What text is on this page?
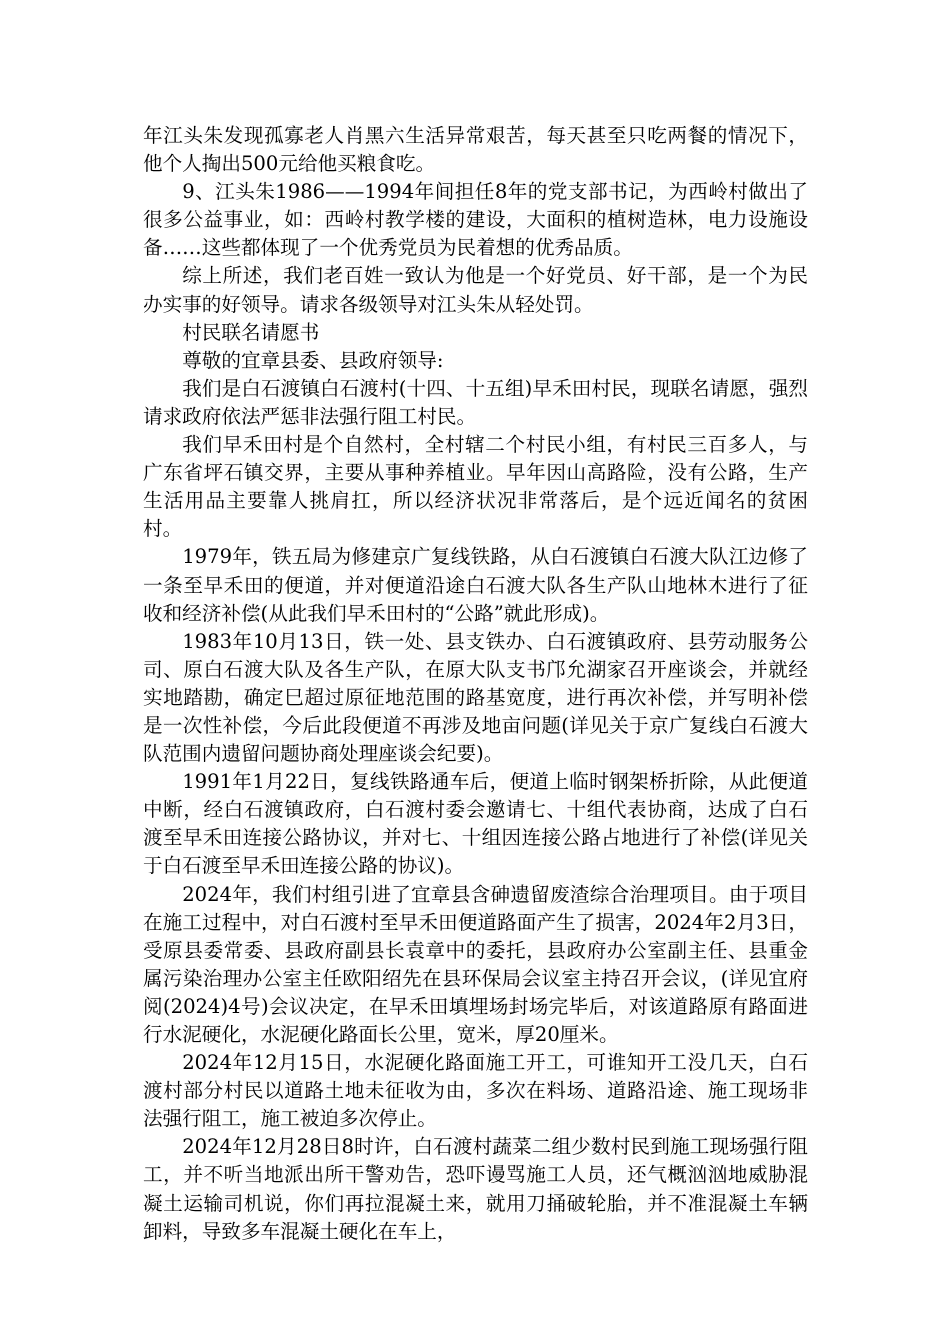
年江头朱发现孤寡老人肖黑六生活异常艰苦，每天甚至只吃两餐的情况下，他个人掏出500元给他买粮食吃。

9、江头朱1986——1994年间担任8年的党支部书记，为西岭村做出了很多公益事业，如：西岭村教学楼的建设，大面积的植树造林，电力设施设备……这些都体现了一个优秀党员为民着想的优秀品质。

综上所述，我们老百姓一致认为他是一个好党员、好干部，是一个为民办实事的好领导。请求各级领导对江头朱从轻处罚。

村民联名请愿书

尊敬的宜章县委、县政府领导:

我们是白石渡镇白石渡村(十四、十五组)早禾田村民，现联名请愿，强烈请求政府依法严惩非法强行阻工村民。

我们早禾田村是个自然村，全村辖二个村民小组，有村民三百多人，与广东省坪石镇交界，主要从事种养植业。早年因山高路险，没有公路，生产生活用品主要靠人挑肩扛，所以经济状况非常落后，是个远近闻名的贫困村。

1979年，铁五局为修建京广复线铁路，从白石渡镇白石渡大队江边修了一条至早禾田的便道，并对便道沿途白石渡大队各生产队山地林木进行了征收和经济补偿(从此我们早禾田村的“公路”就此形成)。

1983年10月13日，铁一处、县支铁办、白石渡镇政府、县劳动服务公司、原白石渡大队及各生产队，在原大队支书邝允湖家召开座谈会，并就经实地踏勘，确定巳超过原征地范围的路基宽度，进行再次补偿，并写明补偿是一次性补偿，今后此段便道不再涉及地亩问题(详见关于京广复线白石渡大队范围内遗留问题协商处理座谈会纪要)。

1991年1月22日，复线铁路通车后，便道上临时钢架桥折除，从此便道中断，经白石渡镇政府，白石渡村委会邀请七、十组代表协商，达成了白石渡至早禾田连接公路协议，并对七、十组因连接公路占地进行了补偿(详见关于白石渡至早禾田连接公路的协议)。

2024年，我们村组引进了宜章县含砷遗留废渣综合治理项目。由于项目在施工过程中，对白石渡村至早禾田便道路面产生了损害，2024年2月3日，受原县委常委、县政府副县长袁章中的委托，县政府办公室副主任、县重金属污染治理办公室主任欧阳绍先在县环保局会议室主持召开会议，(详见宜府阅(2024)4号)会议决定，在早禾田填埋场封场完毕后，对该道路原有路面进行水泥硬化，水泥硬化路面长公里，宽米，厚20厘米。

2024年12月15日，水泥硬化路面施工开工，可谁知开工没几天，白石渡村部分村民以道路土地未征收为由，多次在料场、道路沿途、施工现场非法强行阻工，施工被迫多次停止。

2024年12月28日8时许，白石渡村蔬菜二组少数村民到施工现场强行阻工，并不听当地派出所干警劝告，恐吓谩骂施工人员，还气概汹汹地威胁混凝土运输司机说，你们再拉混凝土来，就用刀捅破轮胎，并不准混凝土车辆卸料，导致多车混凝土硬化在车上，
